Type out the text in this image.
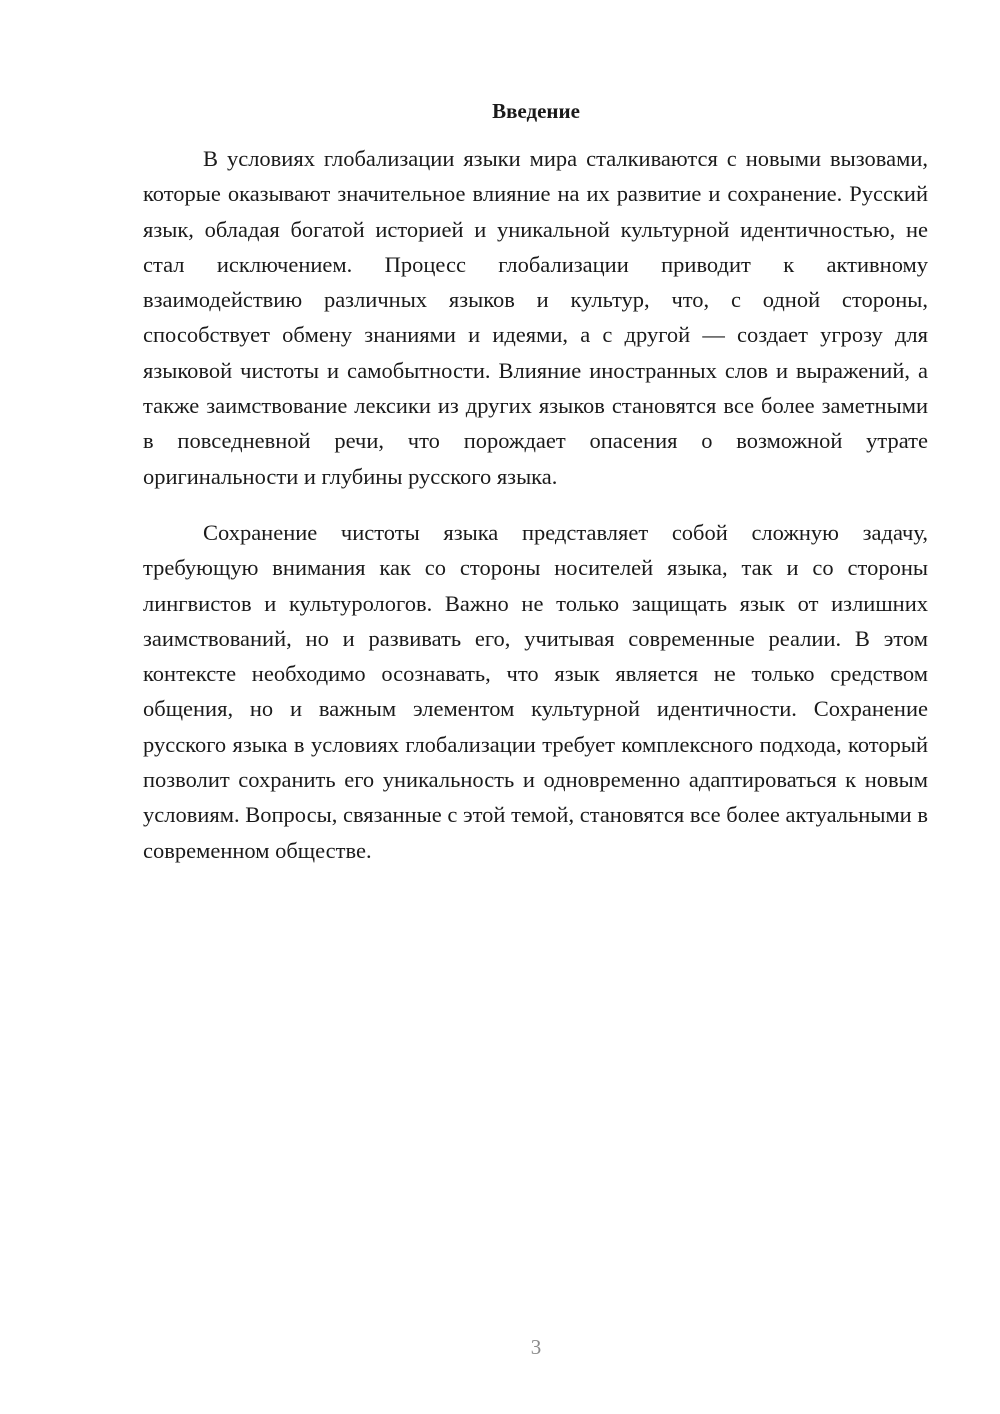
Введение

В условиях глобализации языки мира сталкиваются с новыми вызовами, которые оказывают значительное влияние на их развитие и сохранение. Русский язык, обладая богатой историей и уникальной культурной идентичностью, не стал исключением. Процесс глобализации приводит к активному взаимодействию различных языков и культур, что, с одной стороны, способствует обмену знаниями и идеями, а с другой — создает угрозу для языковой чистоты и самобытности. Влияние иностранных слов и выражений, а также заимствование лексики из других языков становятся все более заметными в повседневной речи, что порождает опасения о возможной утрате оригинальности и глубины русского языка.

Сохранение чистоты языка представляет собой сложную задачу, требующую внимания как со стороны носителей языка, так и со стороны лингвистов и культурологов. Важно не только защищать язык от излишних заимствований, но и развивать его, учитывая современные реалии. В этом контексте необходимо осознавать, что язык является не только средством общения, но и важным элементом культурной идентичности. Сохранение русского языка в условиях глобализации требует комплексного подхода, который позволит сохранить его уникальность и одновременно адаптироваться к новым условиям. Вопросы, связанные с этой темой, становятся все более актуальными в современном обществе.

3
